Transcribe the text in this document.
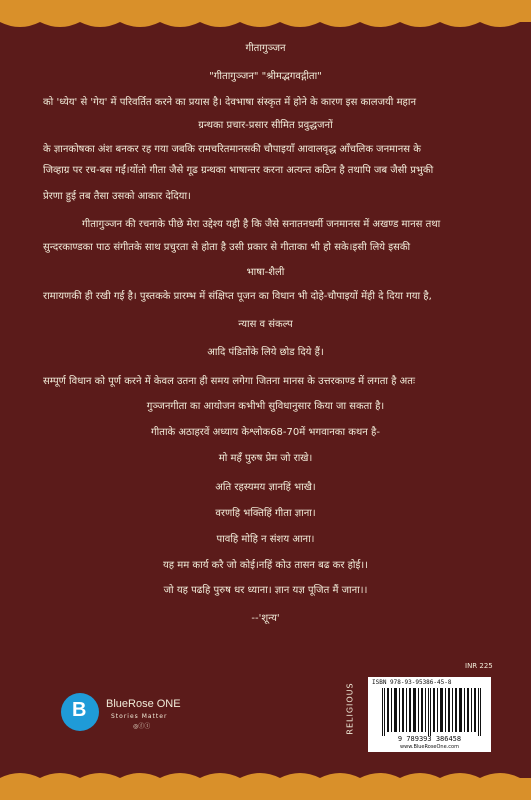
गीतागुञ्जन
"गीतागुञ्जन" "श्रीमद्भगवद्गीता"
को 'ध्येय' से 'गेय' में परिवर्तित करने का प्रयास है। देवभाषा संस्कृत में होने के कारण इस कालजयी महान
ग्रन्थका प्रचार-प्रसार सीमित प्रवुद्धजनों
के ज्ञानकोषका अंश बनकर रह गया जबकि रामचरितमानसकी चौपाइयाँ आवालवृद्ध आँचलिक जनमानस के
जिव्हाग्र पर रच-बस गईं।योंतो गीता जैसे गूढ ग्रन्थका भाषान्तर करना अत्यन्त कठिन है तथापि जब जैसी प्रभुकी
प्रेरणा हुई तब तैसा उसको आकार देदिया।
गीतागुञ्जन की रचनाके पीछे मेरा उद्देश्य यही है कि जैसे सनातनधर्मी जनमानस में अखण्ड मानस तथा
सुन्दरकाण्डका पाठ संगीतके साथ प्रचुरता से होता है उसी प्रकार से गीताका भी हो सके।इसी लिये इसकी
भाषा-शैली
रामायणकी ही रखी गई है। पुस्तकके प्रारम्भ में संक्षिप्त पूजन का विधान भी दोहे-चौपाइयों मेंही दे दिया गया है,
न्यास व संकल्प
आदि पंडितोंके लिये छोड दिये हैं।
सम्पूर्ण विधान को पूर्ण करने में केवल उतना ही समय लगेगा जितना मानस के उत्तरकाण्ड में लगता है अतः
गुञ्जनगीता का आयोजन कभीभी सुविधानुसार किया जा सकता है।
गीताके अठाहरवें अध्याय केश्लोक68-70में भगवानका कथन है-
मो महँ पुरुष प्रेम जो राखे।
अति रहस्यमय ज्ञानहिं भाखै।
वरणहि भक्तिहिं गीता ज्ञाना।
पावहि मोहि न संशय आना।
यह मम कार्य करै जो कोई।नहिं कोउ तासन बढ कर होई।।
जो यह पढहि पुरुष धर ध्याना। ज्ञान यज्ञ पूजित मैं जाना।।
--'शून्य'
B BlueRose ONE
Stories Matter
◎ⓕⓣ	RELIGIOUS
INR 225
ISBN 978-93-95386-45-8
9 789393 386458
www.BlueRoseOne.com
